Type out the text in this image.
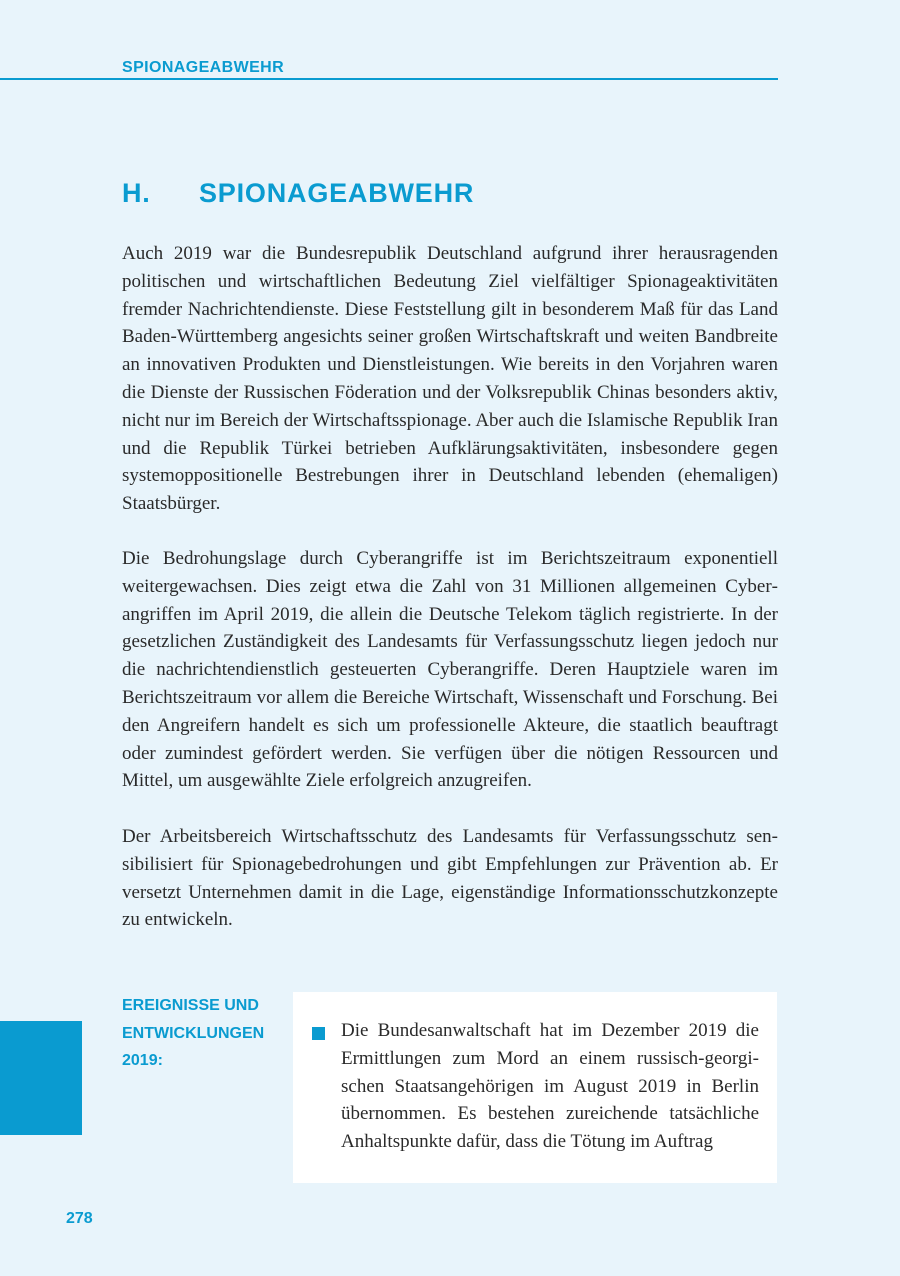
SPIONAGEABWEHR
H. SPIONAGEABWEHR

Auch 2019 war die Bundesrepublik Deutschland aufgrund ihrer herausragenden politischen und wirtschaftlichen Bedeutung Ziel vielfältiger Spionageaktivitäten fremder Nachrichtendienste. Diese Feststellung gilt in besonderem Maß für das Land Baden-Württemberg angesichts seiner großen Wirtschaftskraft und weiten Bandbreite an innovativen Produkten und Dienstleistungen. Wie bereits in den Vorjahren waren die Dienste der Russischen Föderation und der Volksrepublik Chinas besonders aktiv, nicht nur im Bereich der Wirtschaftsspionage. Aber auch die Islamische Republik Iran und die Republik Türkei betrieben Aufklärungsaktivitäten, insbesondere gegen systemoppositionelle Bestrebungen ihrer in Deutschland lebenden (ehemaligen) Staatsbürger.

Die Bedrohungslage durch Cyberangriffe ist im Berichtszeitraum exponentiell weitergewachsen. Dies zeigt etwa die Zahl von 31 Millionen allgemeinen Cyberangriffen im April 2019, die allein die Deutsche Telekom täglich registrierte. In der gesetzlichen Zuständigkeit des Landesamts für Verfassungsschutz liegen jedoch nur die nachrichtendienstlich gesteuerten Cyberangriffe. Deren Hauptziele waren im Berichtszeitraum vor allem die Bereiche Wirtschaft, Wissenschaft und Forschung. Bei den Angreifern handelt es sich um professionelle Akteure, die staatlich beauftragt oder zumindest gefördert werden. Sie verfügen über die nötigen Ressourcen und Mittel, um ausgewählte Ziele erfolgreich anzugreifen.

Der Arbeitsbereich Wirtschaftsschutz des Landesamts für Verfassungsschutz sensibilisiert für Spionagebedrohungen und gibt Empfehlungen zur Prävention ab. Er versetzt Unternehmen damit in die Lage, eigenständige Informationsschutzkonzepte zu entwickeln.

EREIGNISSE UND
ENTWICKLUNGEN
2019:

Die Bundesanwaltschaft hat im Dezember 2019 die Ermittlungen zum Mord an einem russisch-georgischen Staatsangehörigen im August 2019 in Berlin übernommen. Es bestehen zureichende tatsächliche Anhaltspunkte dafür, dass die Tötung im Auftrag

278
